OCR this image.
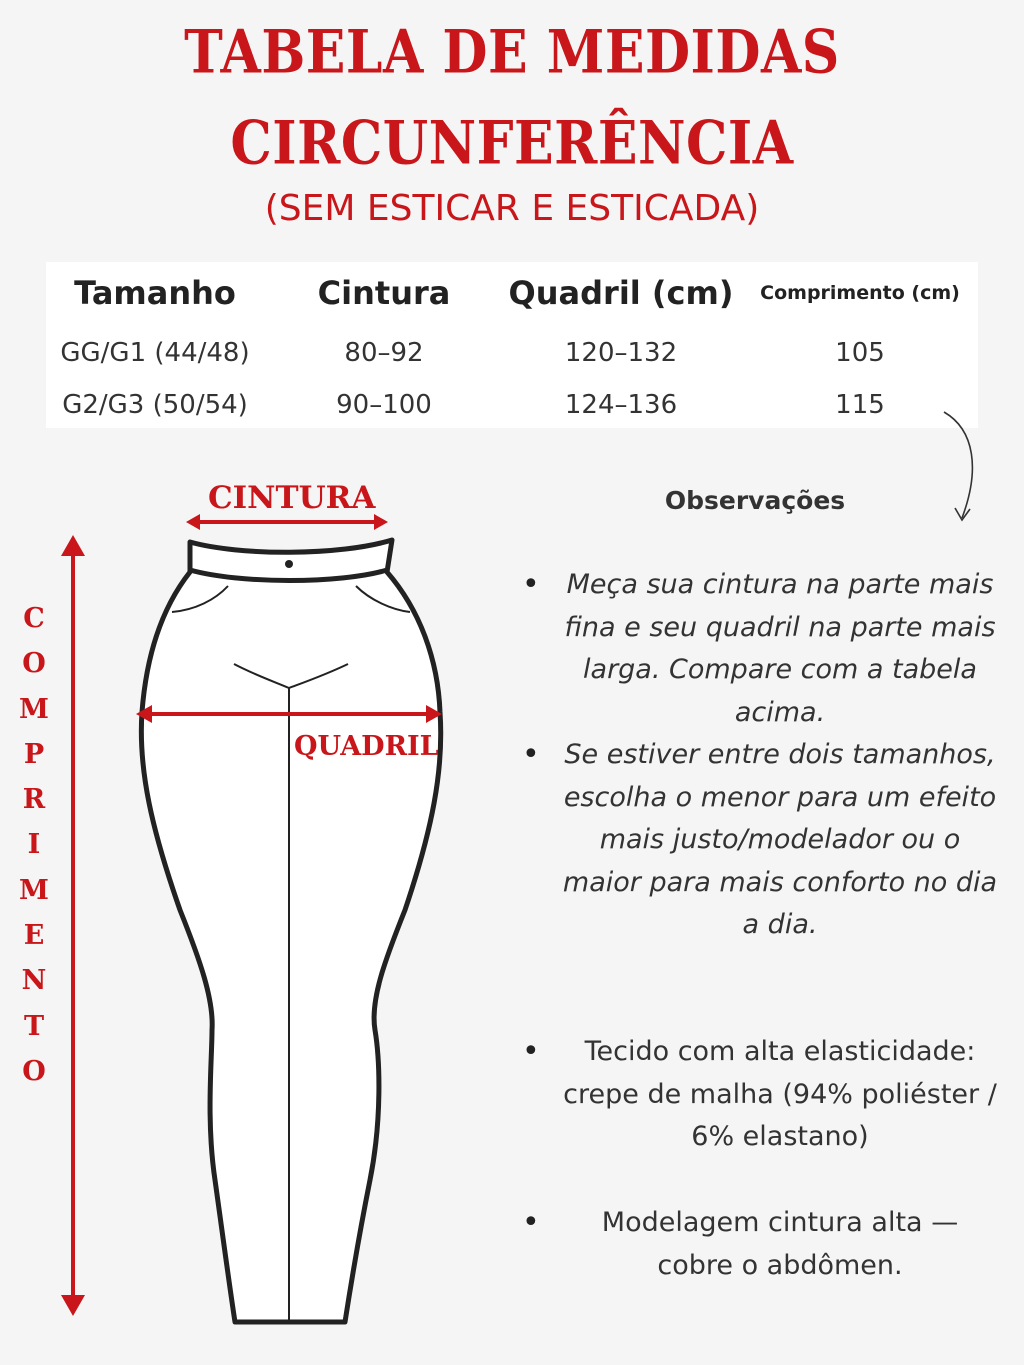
TABELA DE MEDIDAS
CIRCUNFERÊNCIA
(SEM ESTICAR E ESTICADA)
Tamanho	Cintura	Quadril (cm)	Comprimento (cm)
GG/G1 (44/48)	80–92	120–132	105
G2/G3 (50/54)	90–100	124–136	115
CINTURA
QUADRIL
C
O
M
P
R
I
M
E
N
T
O
Observações
• Meça sua cintura na parte mais fina e seu quadril na parte mais larga. Compare com a tabela acima.
• Se estiver entre dois tamanhos, escolha o menor para um efeito mais justo/modelador ou o maior para mais conforto no dia a dia.
•	Tecido com alta elasticidade: crepe de malha (94% poliéster / 6% elastano)
•	Modelagem cintura alta — cobre o abdômen.
